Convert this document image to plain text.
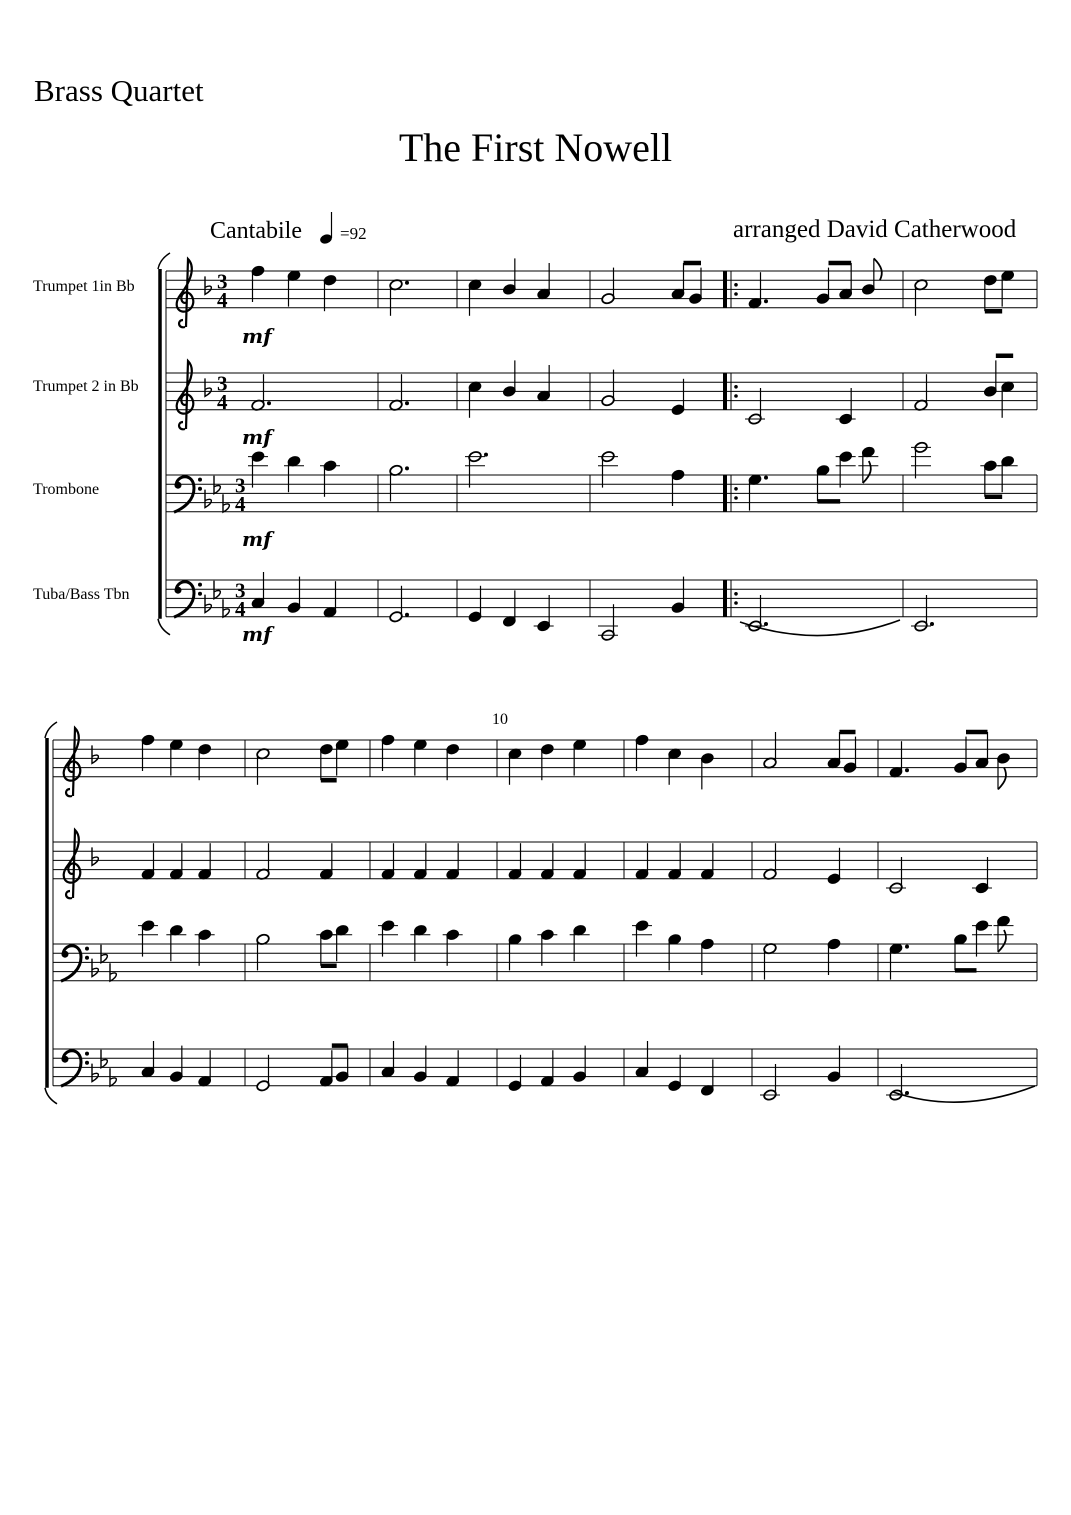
Brass Quartet
The First Nowell
Cantabile =92	arranged David Catherwood
Trumpet 1in Bb
Trumpet 2 in Bb
Trombone
Tuba/Bass Tbn
3
4
mf
3
4
mf
3
4
mf
3
4
mf
10
